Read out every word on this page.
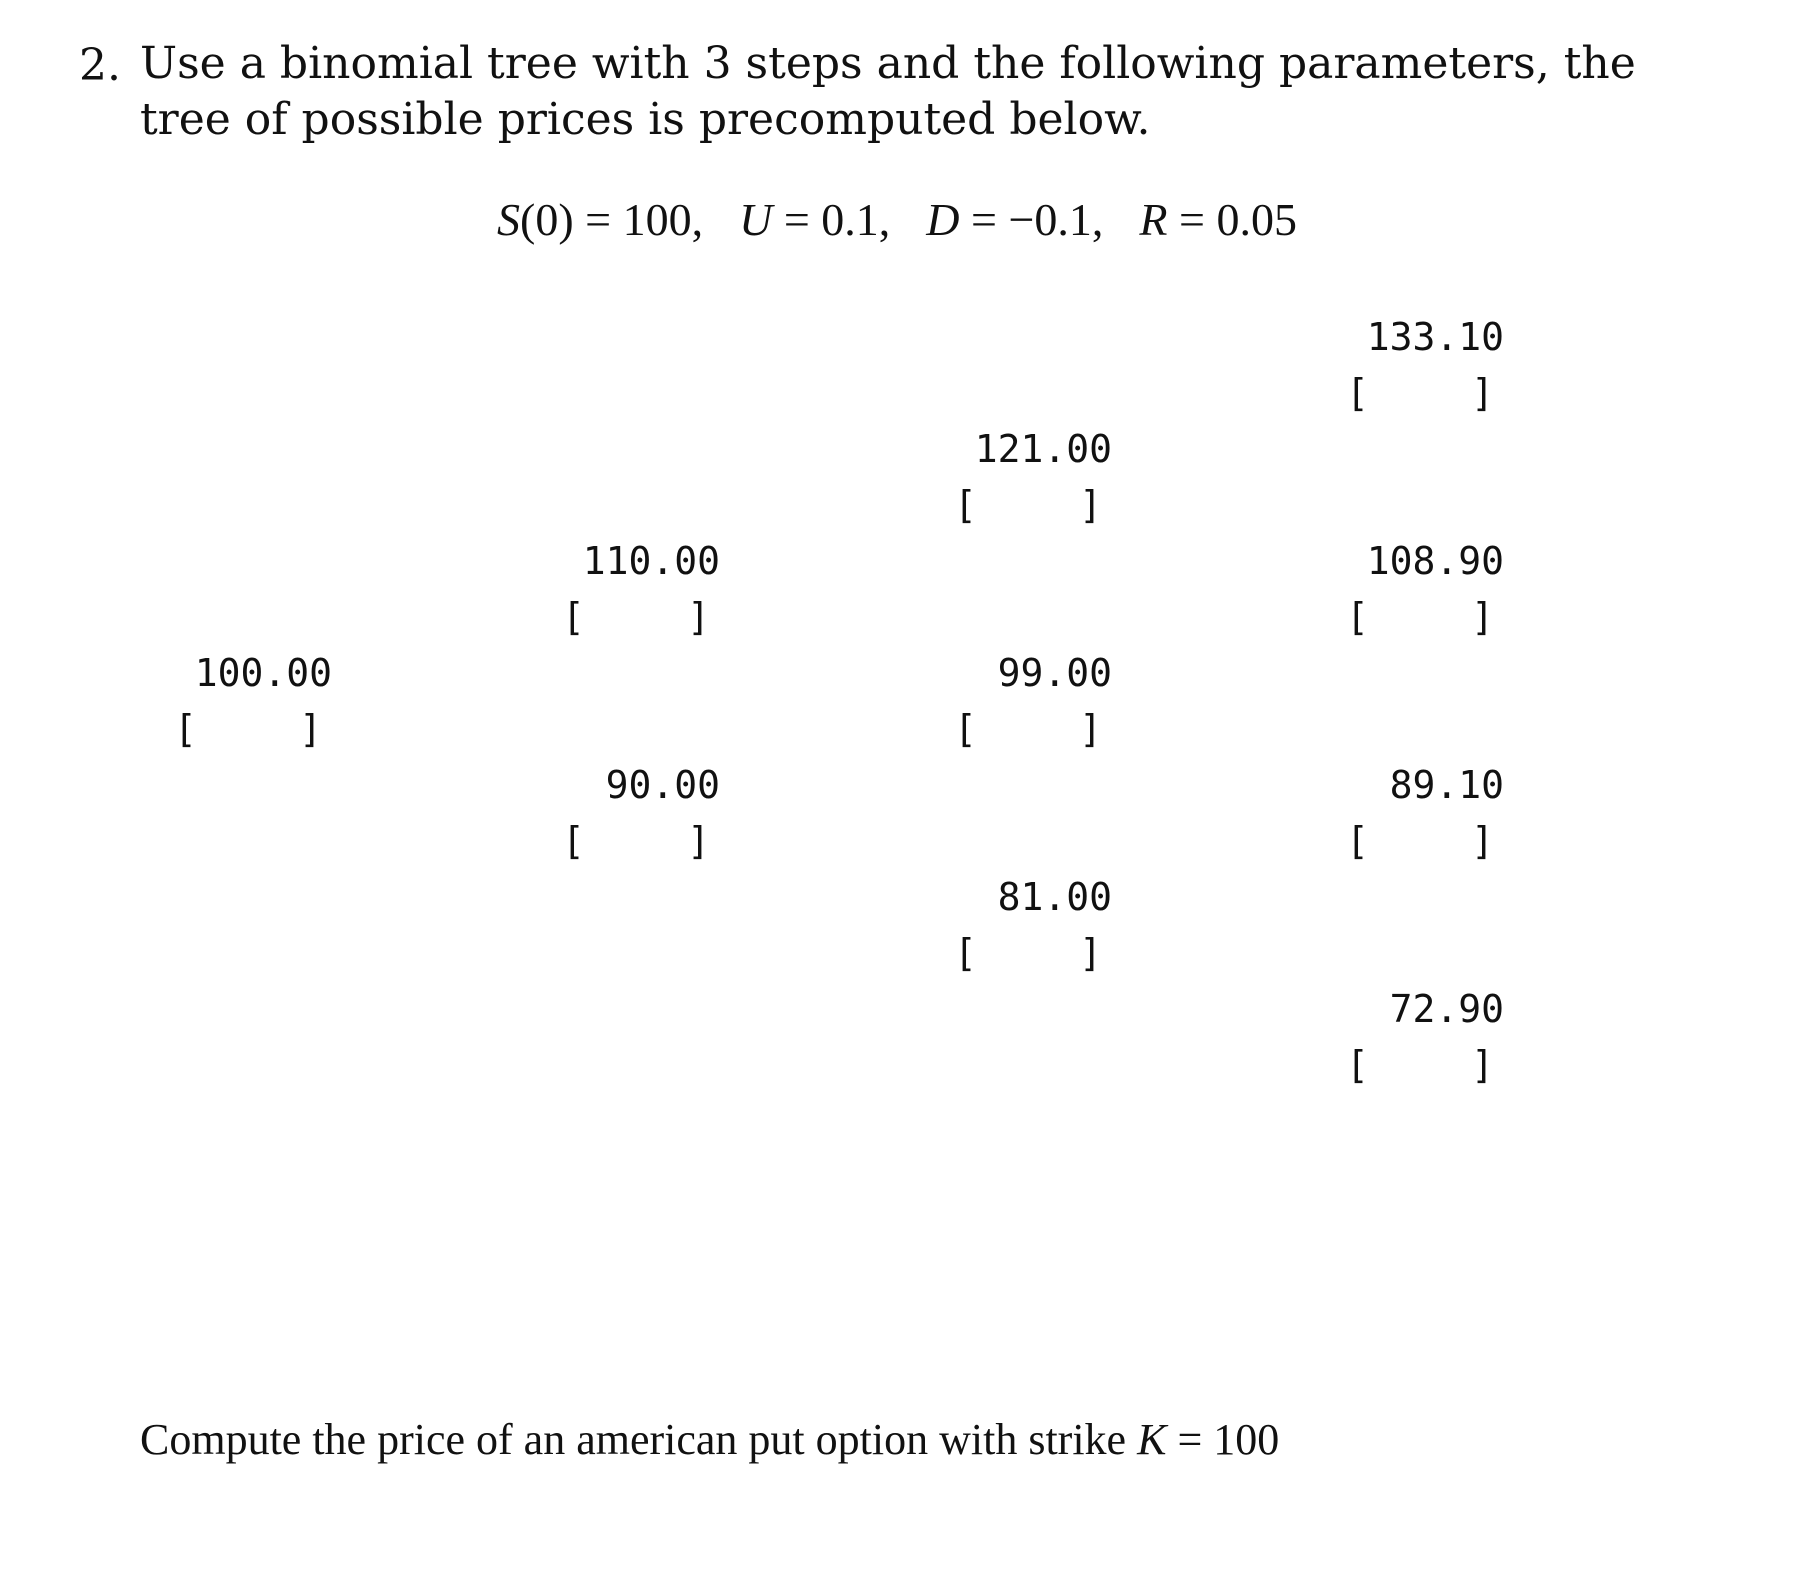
2. Use a binomial tree with 3 steps and the following parameters, the tree of possible prices is precomputed below.
S(0) = 100, U = 0.1, D = −0.1, R = 0.05
100.00
[	]
110.00
[	]
90.00
[	]
121.00
[	]
99.00
[	]
81.00
[	]
133.10
[	]
108.90
[	]
89.10
[	]
72.90
[	]
Compute the price of an american put option with strike K = 100
